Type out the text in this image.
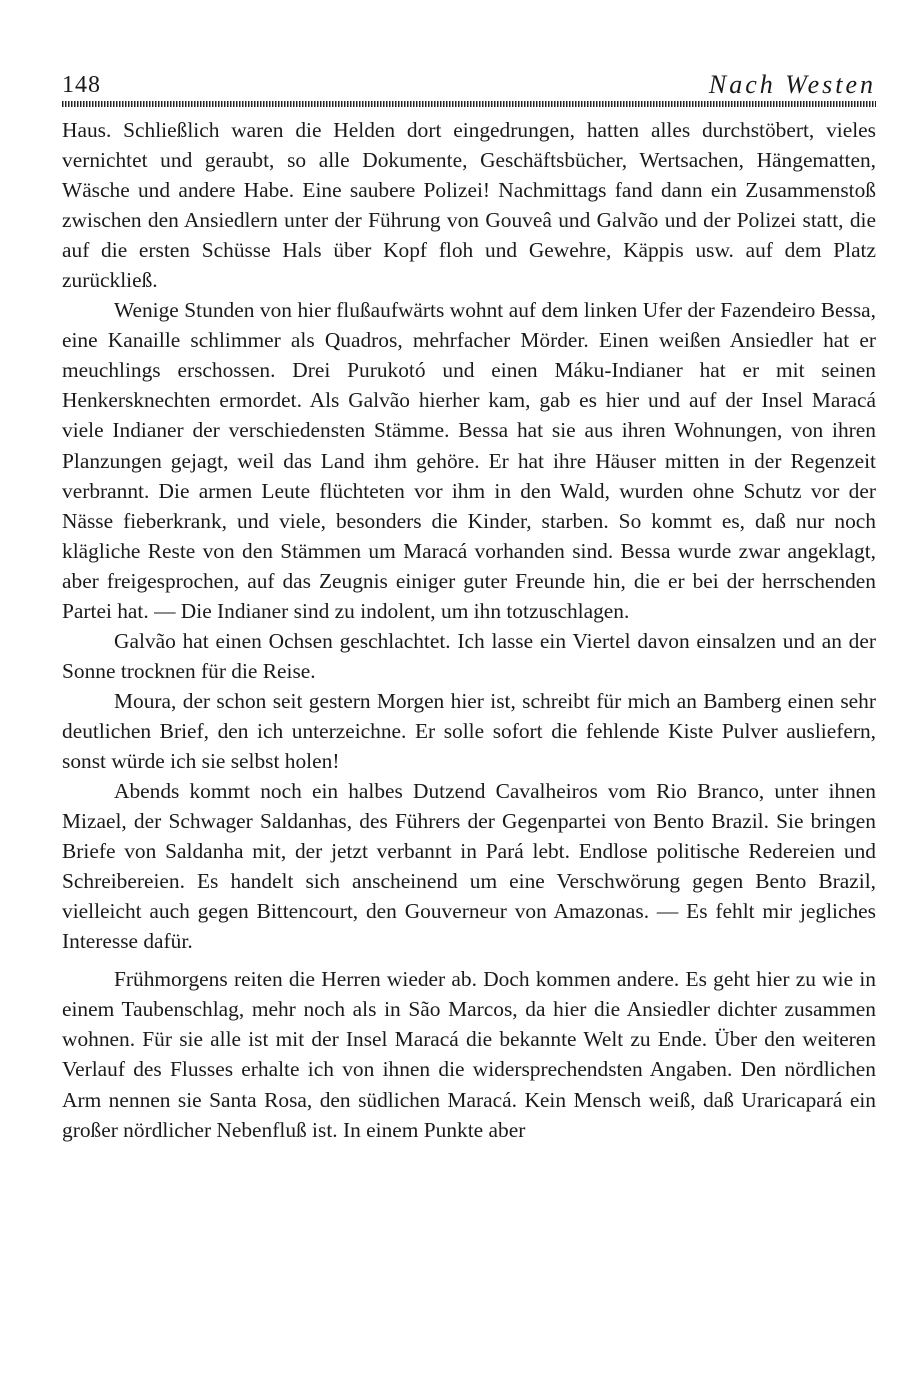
148	Nach Westen

Haus. Schließlich waren die Helden dort eingedrungen, hatten alles durchstöbert, vieles vernichtet und geraubt, so alle Dokumente, Geschäftsbücher, Wertsachen, Hängematten, Wäsche und andere Habe. Eine saubere Polizei! Nachmittags fand dann ein Zusammenstoß zwischen den Ansiedlern unter der Führung von Gouveâ und Galvão und der Polizei statt, die auf die ersten Schüsse Hals über Kopf floh und Gewehre, Käppis usw. auf dem Platz zurückließ.

Wenige Stunden von hier flußaufwärts wohnt auf dem linken Ufer der Fazendeiro Bessa, eine Kanaille schlimmer als Quadros, mehrfacher Mörder. Einen weißen Ansiedler hat er meuchlings erschossen. Drei Purukotó und einen Máku-Indianer hat er mit seinen Henkersknechten ermordet. Als Galvão hierher kam, gab es hier und auf der Insel Maracá viele Indianer der verschiedensten Stämme. Bessa hat sie aus ihren Wohnungen, von ihren Planzungen gejagt, weil das Land ihm gehöre. Er hat ihre Häuser mitten in der Regenzeit verbrannt. Die armen Leute flüchteten vor ihm in den Wald, wurden ohne Schutz vor der Nässe fieberkrank, und viele, besonders die Kinder, starben. So kommt es, daß nur noch klägliche Reste von den Stämmen um Maracá vorhanden sind. Bessa wurde zwar angeklagt, aber freigesprochen, auf das Zeugnis einiger guter Freunde hin, die er bei der herrschenden Partei hat. — Die Indianer sind zu indolent, um ihn totzuschlagen.

Galvão hat einen Ochsen geschlachtet. Ich lasse ein Viertel davon einsalzen und an der Sonne trocknen für die Reise.

Moura, der schon seit gestern Morgen hier ist, schreibt für mich an Bamberg einen sehr deutlichen Brief, den ich unterzeichne. Er solle sofort die fehlende Kiste Pulver ausliefern, sonst würde ich sie selbst holen!

Abends kommt noch ein halbes Dutzend Cavalheiros vom Rio Branco, unter ihnen Mizael, der Schwager Saldanhas, des Führers der Gegenpartei von Bento Brazil. Sie bringen Briefe von Saldanha mit, der jetzt verbannt in Pará lebt. Endlose politische Redereien und Schreibereien. Es handelt sich anscheinend um eine Verschwörung gegen Bento Brazil, vielleicht auch gegen Bittencourt, den Gouverneur von Amazonas. — Es fehlt mir jegliches Interesse dafür.

Frühmorgens reiten die Herren wieder ab. Doch kommen andere. Es geht hier zu wie in einem Taubenschlag, mehr noch als in São Marcos, da hier die Ansiedler dichter zusammen wohnen. Für sie alle ist mit der Insel Maracá die bekannte Welt zu Ende. Über den weiteren Verlauf des Flusses erhalte ich von ihnen die widersprechendsten Angaben. Den nördlichen Arm nennen sie Santa Rosa, den südlichen Maracá. Kein Mensch weiß, daß Uraricapará ein großer nördlicher Nebenfluß ist. In einem Punkte aber
